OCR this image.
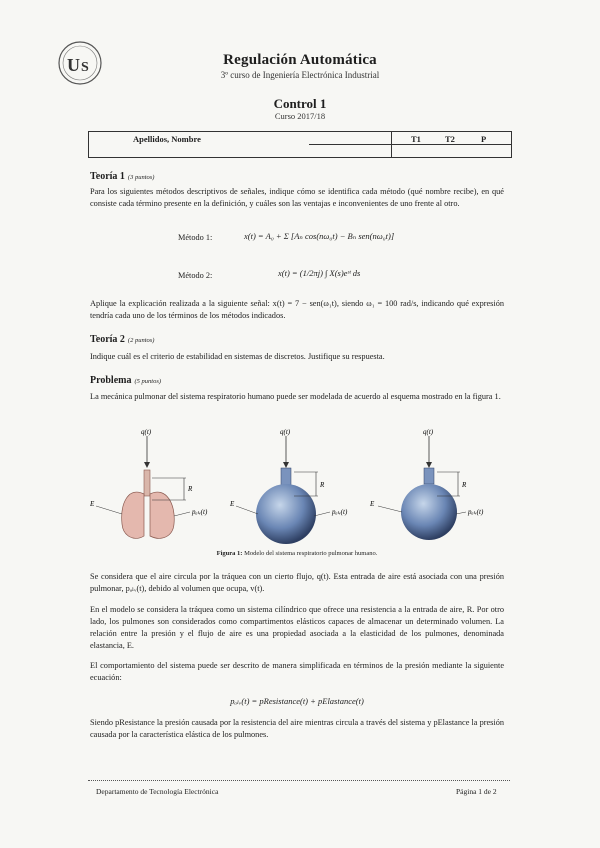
U S	Regulación Automática
3º curso de Ingeniería Electrónica Industrial
Control 1
Curso 2017/18
Apellidos, Nombre	T1	T2	P
Teoría 1 (3 puntos)
Para los siguientes métodos descriptivos de señales, indique cómo se identifica cada método (qué nombre recibe), en qué consiste cada término presente en la definición, y cuáles son las ventajas e inconvenientes de uno frente al otro.
Método 1:	x(t) = A₀ + Σ [Aₙ cos(nω₀t) − Bₙ sen(nω₀t)]
Método 2:	x(t) = (1/2πj) ∫ X(s)eˢᵗ ds
Aplique la explicación realizada a la siguiente señal: x(t) = 7 − sen(ω₁t), siendo ω₁ = 100 rad/s, indicando qué expresión tendría cada uno de los términos de los métodos indicados.
Teoría 2 (2 puntos)
Indique cuál es el criterio de estabilidad en sistemas de discretos. Justifique su respuesta.
Problema (5 puntos)
La mecánica pulmonar del sistema respiratorio humano puede ser modelada de acuerdo al esquema mostrado en la figura 1.
q(t)
R
E
pₐₗᵥ(t)
q(t)
R
E
pₐₗᵥ(t)
q(t)
R
E
pₐₗᵥ(t)
Figura 1: Modelo del sistema respiratorio pulmonar humano.
Se considera que el aire circula por la tráquea con un cierto flujo, q(t). Esta entrada de aire está asociada con una presión pulmonar, pₐₗᵥ(t), debido al volumen que ocupa, v(t).
En el modelo se considera la tráquea como un sistema cilíndrico que ofrece una resistencia a la entrada de aire, R. Por otro lado, los pulmones son considerados como compartimentos elásticos capaces de almacenar un determinado volumen. La relación entre la presión y el flujo de aire es una propiedad asociada a la elasticidad de los pulmones, denominada elastancia, E.
El comportamiento del sistema puede ser descrito de manera simplificada en términos de la presión mediante la siguiente ecuación:
pₐₗᵥ(t) = pResistance(t) + pElastance(t)
Siendo pResistance la presión causada por la resistencia del aire mientras circula a través del sistema y pElastance la presión causada por la característica elástica de los pulmones.
Departamento de Tecnología Electrónica	Página 1 de 2
